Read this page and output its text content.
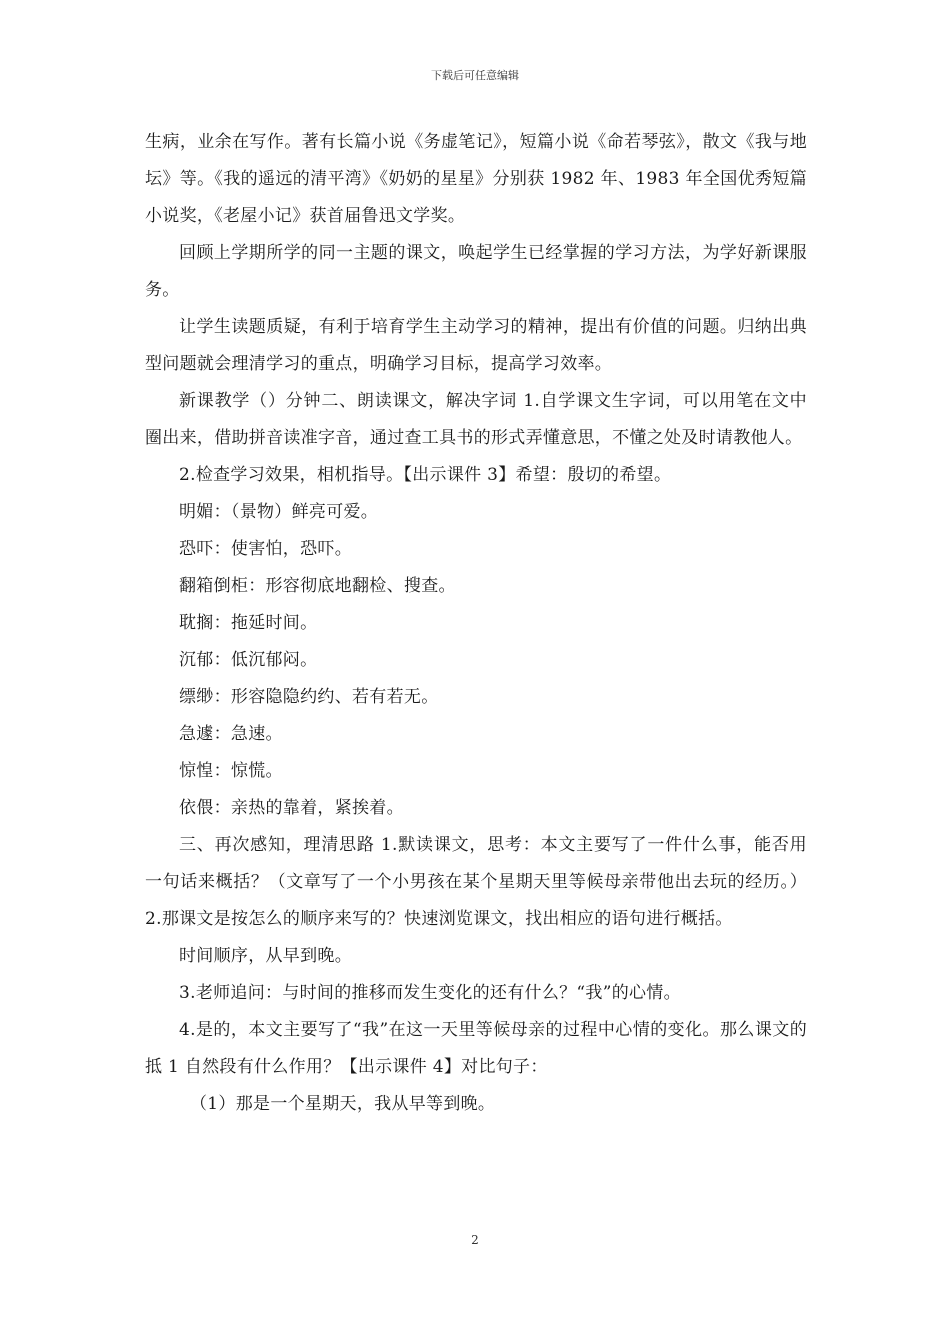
下载后可任意编辑

生病，业余在写作。著有长篇小说《务虚笔记》，短篇小说《命若琴弦》，散文《我与地坛》等。《我的遥远的清平湾》《奶奶的星星》分别获 1982 年、1983 年全国优秀短篇小说奖，《老屋小记》获首届鲁迅文学奖。

回顾上学期所学的同一主题的课文，唤起学生已经掌握的学习方法，为学好新课服务。

让学生读题质疑，有利于培育学生主动学习的精神，提出有价值的问题。归纳出典型问题就会理清学习的重点，明确学习目标，提高学习效率。

新课教学（）分钟二、朗读课文，解决字词 1.自学课文生字词，可以用笔在文中圈出来，借助拼音读准字音，通过查工具书的形式弄懂意思，不懂之处及时请教他人。

2.检查学习效果，相机指导。【出示课件 3】希望：殷切的希望。

明媚：（景物）鲜亮可爱。

恐吓：使害怕，恐吓。

翻箱倒柜：形容彻底地翻检、搜查。

耽搁：拖延时间。

沉郁：低沉郁闷。

缥缈：形容隐隐约约、若有若无。

急遽：急速。

惊惶：惊慌。

依偎：亲热的靠着，紧挨着。

三、再次感知，理清思路 1.默读课文，思考：本文主要写了一件什么事，能否用一句话来概括？（文章写了一个小男孩在某个星期天里等候母亲带他出去玩的经历。）2.那课文是按怎么的顺序来写的？快速浏览课文，找出相应的语句进行概括。

时间顺序，从早到晚。

3.老师追问：与时间的推移而发生变化的还有什么？“我”的心情。

4.是的，本文主要写了“我”在这一天里等候母亲的过程中心情的变化。那么课文的抵 1 自然段有什么作用？【出示课件 4】对比句子：

（1）那是一个星期天，我从早等到晚。

2
